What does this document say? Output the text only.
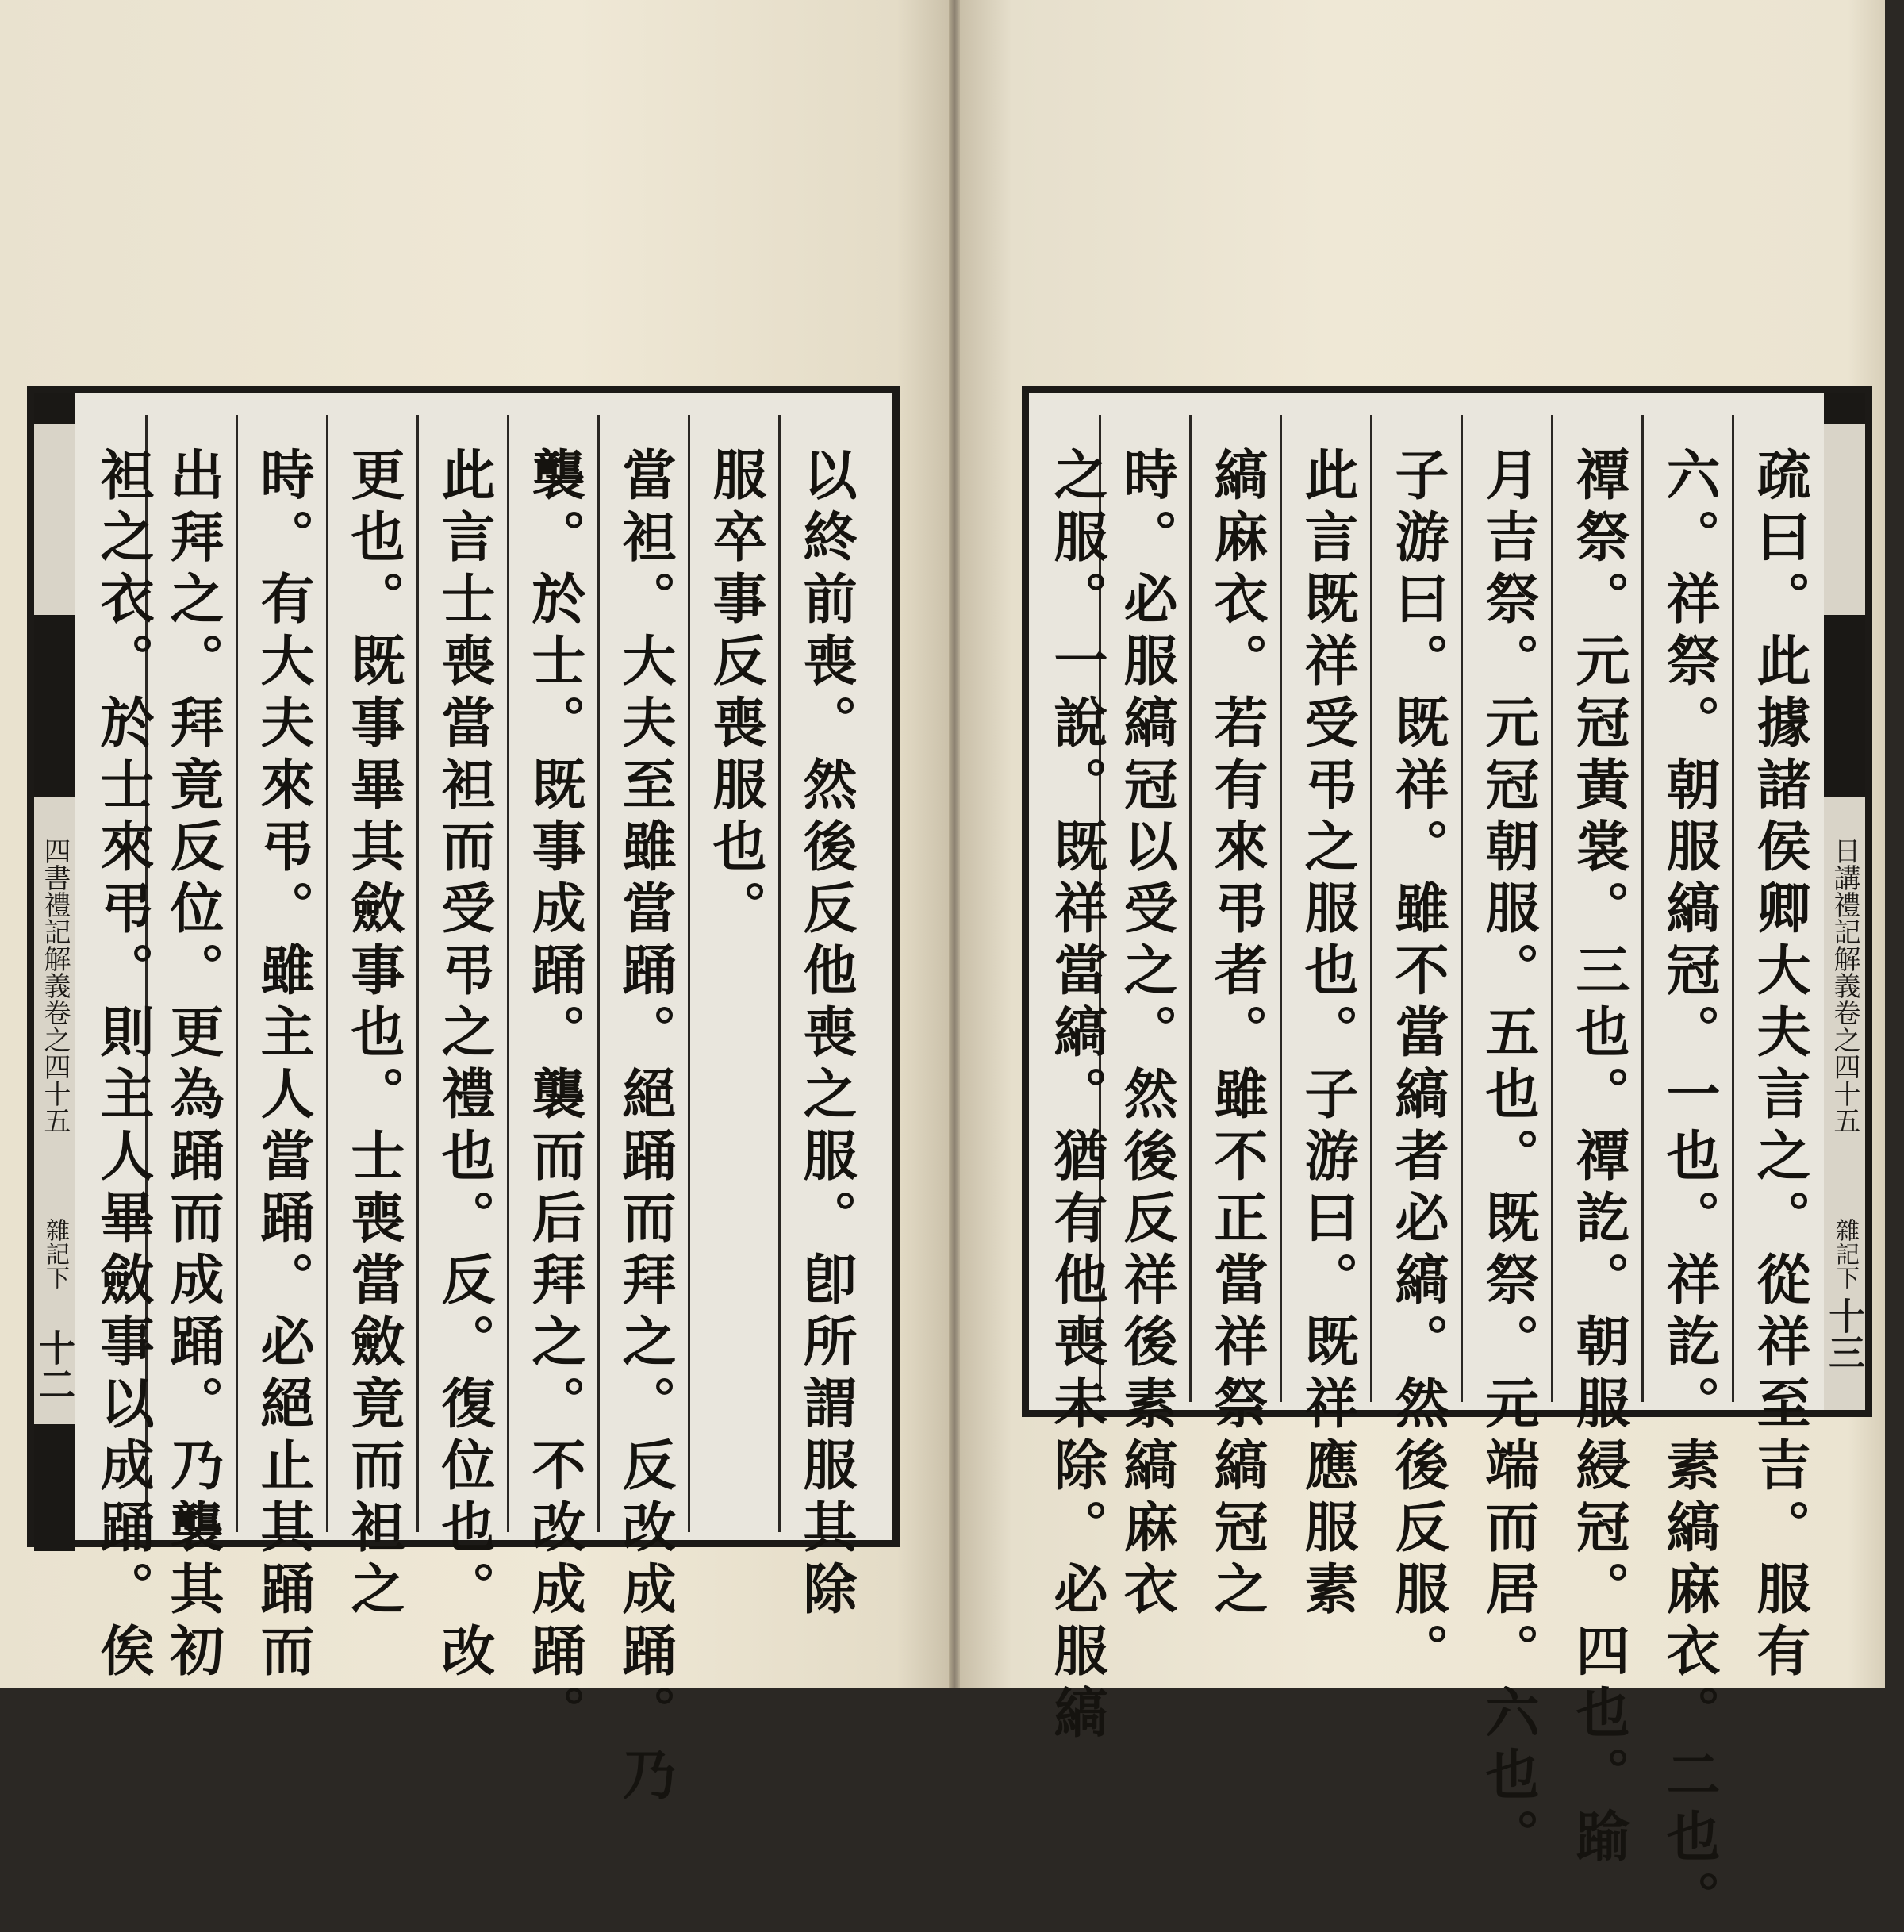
四書禮記解義卷之四十五
雜記下
十二	以終前喪。然後反他喪之服。卽所謂服其除
服卒事反喪服也。
當袒。大夫至雖當踊。絕踊而拜之。反改成踊。乃
襲。於士。既事成踊。襲而后拜之。不改成踊。
此言士喪當袒而受弔之禮也。反。復位也。改
更也。既事畢其斂事也。士喪當斂竟而袒之
時。有大夫來弔。雖主人當踊。必絕止其踊而
出拜之。拜竟反位。更為踊而成踊。乃襲其初
袒之衣。於士來弔。則主人畢斂事以成踊。俟	日講禮記解義卷之四十五
雜記下
十三
疏曰。此據諸侯卿大夫言之。從祥至吉。服有
六。祥祭。朝服縞冠。一也。祥訖。素縞麻衣。二也。
禫祭。元冠黃裳。三也。禫訖。朝服綅冠。四也。踰
月吉祭。元冠朝服。五也。既祭。元端而居。六也。
子游曰。既祥。雖不當縞者必縞。然後反服。
此言既祥受弔之服也。子游曰。既祥應服素
縞麻衣。若有來弔者。雖不正當祥祭縞冠之
時。必服縞冠以受之。然後反祥後素縞麻衣
之服。一說。既祥當縞。猶有他喪未除。必服縞
